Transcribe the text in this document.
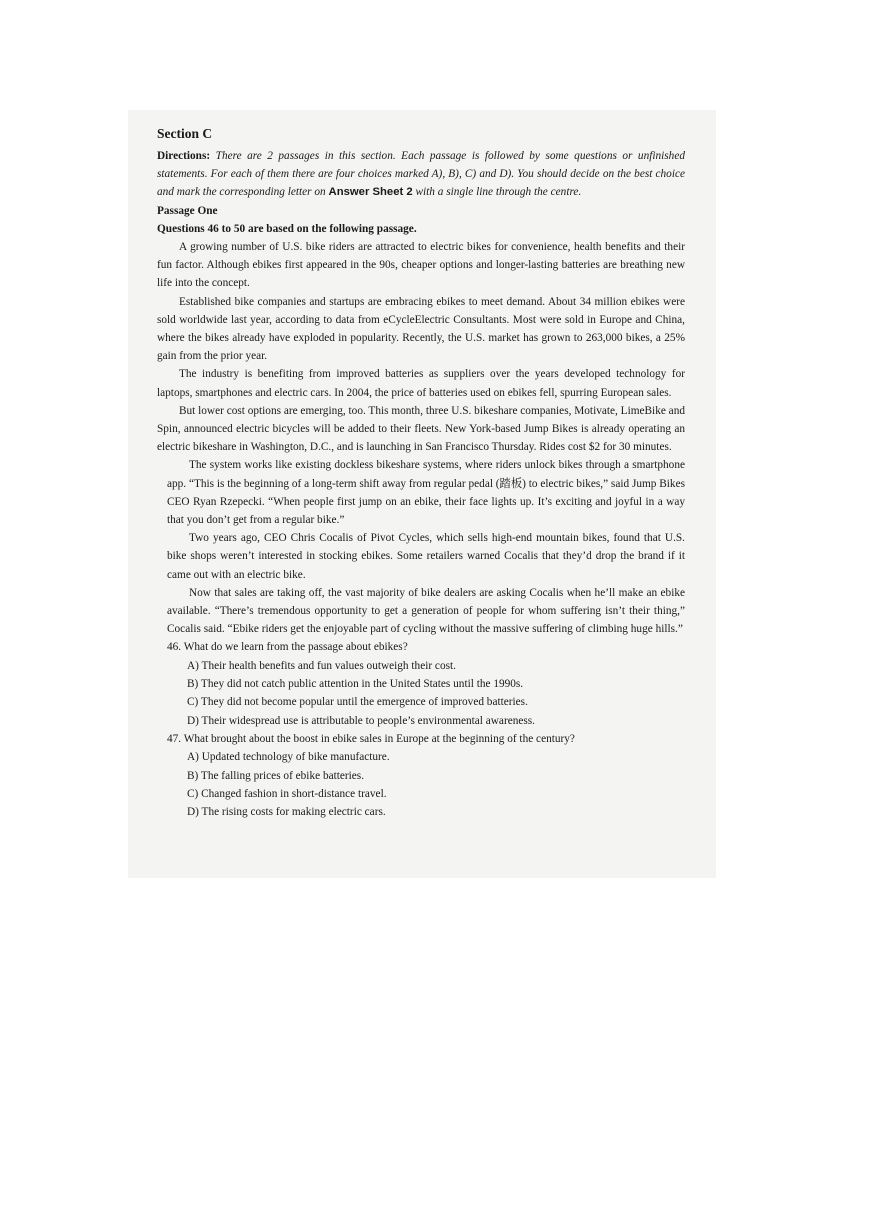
Section C

Directions: There are 2 passages in this section. Each passage is followed by some questions or unfinished statements. For each of them there are four choices marked A), B), C) and D). You should decide on the best choice and mark the corresponding letter on Answer Sheet 2 with a single line through the centre.

Passage One
Questions 46 to 50 are based on the following passage.

A growing number of U.S. bike riders are attracted to electric bikes for convenience, health benefits and their fun factor. Although ebikes first appeared in the 90s, cheaper options and longer-lasting batteries are breathing new life into the concept.

Established bike companies and startups are embracing ebikes to meet demand. About 34 million ebikes were sold worldwide last year, according to data from eCycleElectric Consultants. Most were sold in Europe and China, where the bikes already have exploded in popularity. Recently, the U.S. market has grown to 263,000 bikes, a 25% gain from the prior year.

The industry is benefiting from improved batteries as suppliers over the years developed technology for laptops, smartphones and electric cars. In 2004, the price of batteries used on ebikes fell, spurring European sales.

But lower cost options are emerging, too. This month, three U.S. bikeshare companies, Motivate, LimeBike and Spin, announced electric bicycles will be added to their fleets. New York-based Jump Bikes is already operating an electric bikeshare in Washington, D.C., and is launching in San Francisco Thursday. Rides cost $2 for 30 minutes.

The system works like existing dockless bikeshare systems, where riders unlock bikes through a smartphone app. “This is the beginning of a long-term shift away from regular pedal (踏板) to electric bikes,” said Jump Bikes CEO Ryan Rzepecki. “When people first jump on an ebike, their face lights up. It’s exciting and joyful in a way that you don’t get from a regular bike.”

Two years ago, CEO Chris Cocalis of Pivot Cycles, which sells high-end mountain bikes, found that U.S. bike shops weren’t interested in stocking ebikes. Some retailers warned Cocalis that they’d drop the brand if it came out with an electric bike.

Now that sales are taking off, the vast majority of bike dealers are asking Cocalis when he’ll make an ebike available. “There’s tremendous opportunity to get a generation of people for whom suffering isn’t their thing,” Cocalis said. “Ebike riders get the enjoyable part of cycling without the massive suffering of climbing huge hills.”

46. What do we learn from the passage about ebikes?

A) Their health benefits and fun values outweigh their cost.

B) They did not catch public attention in the United States until the 1990s.

C) They did not become popular until the emergence of improved batteries.

D) Their widespread use is attributable to people’s environmental awareness.

47. What brought about the boost in ebike sales in Europe at the beginning of the century?

A) Updated technology of bike manufacture.

B) The falling prices of ebike batteries.

C) Changed fashion in short-distance travel.

D) The rising costs for making electric cars.
